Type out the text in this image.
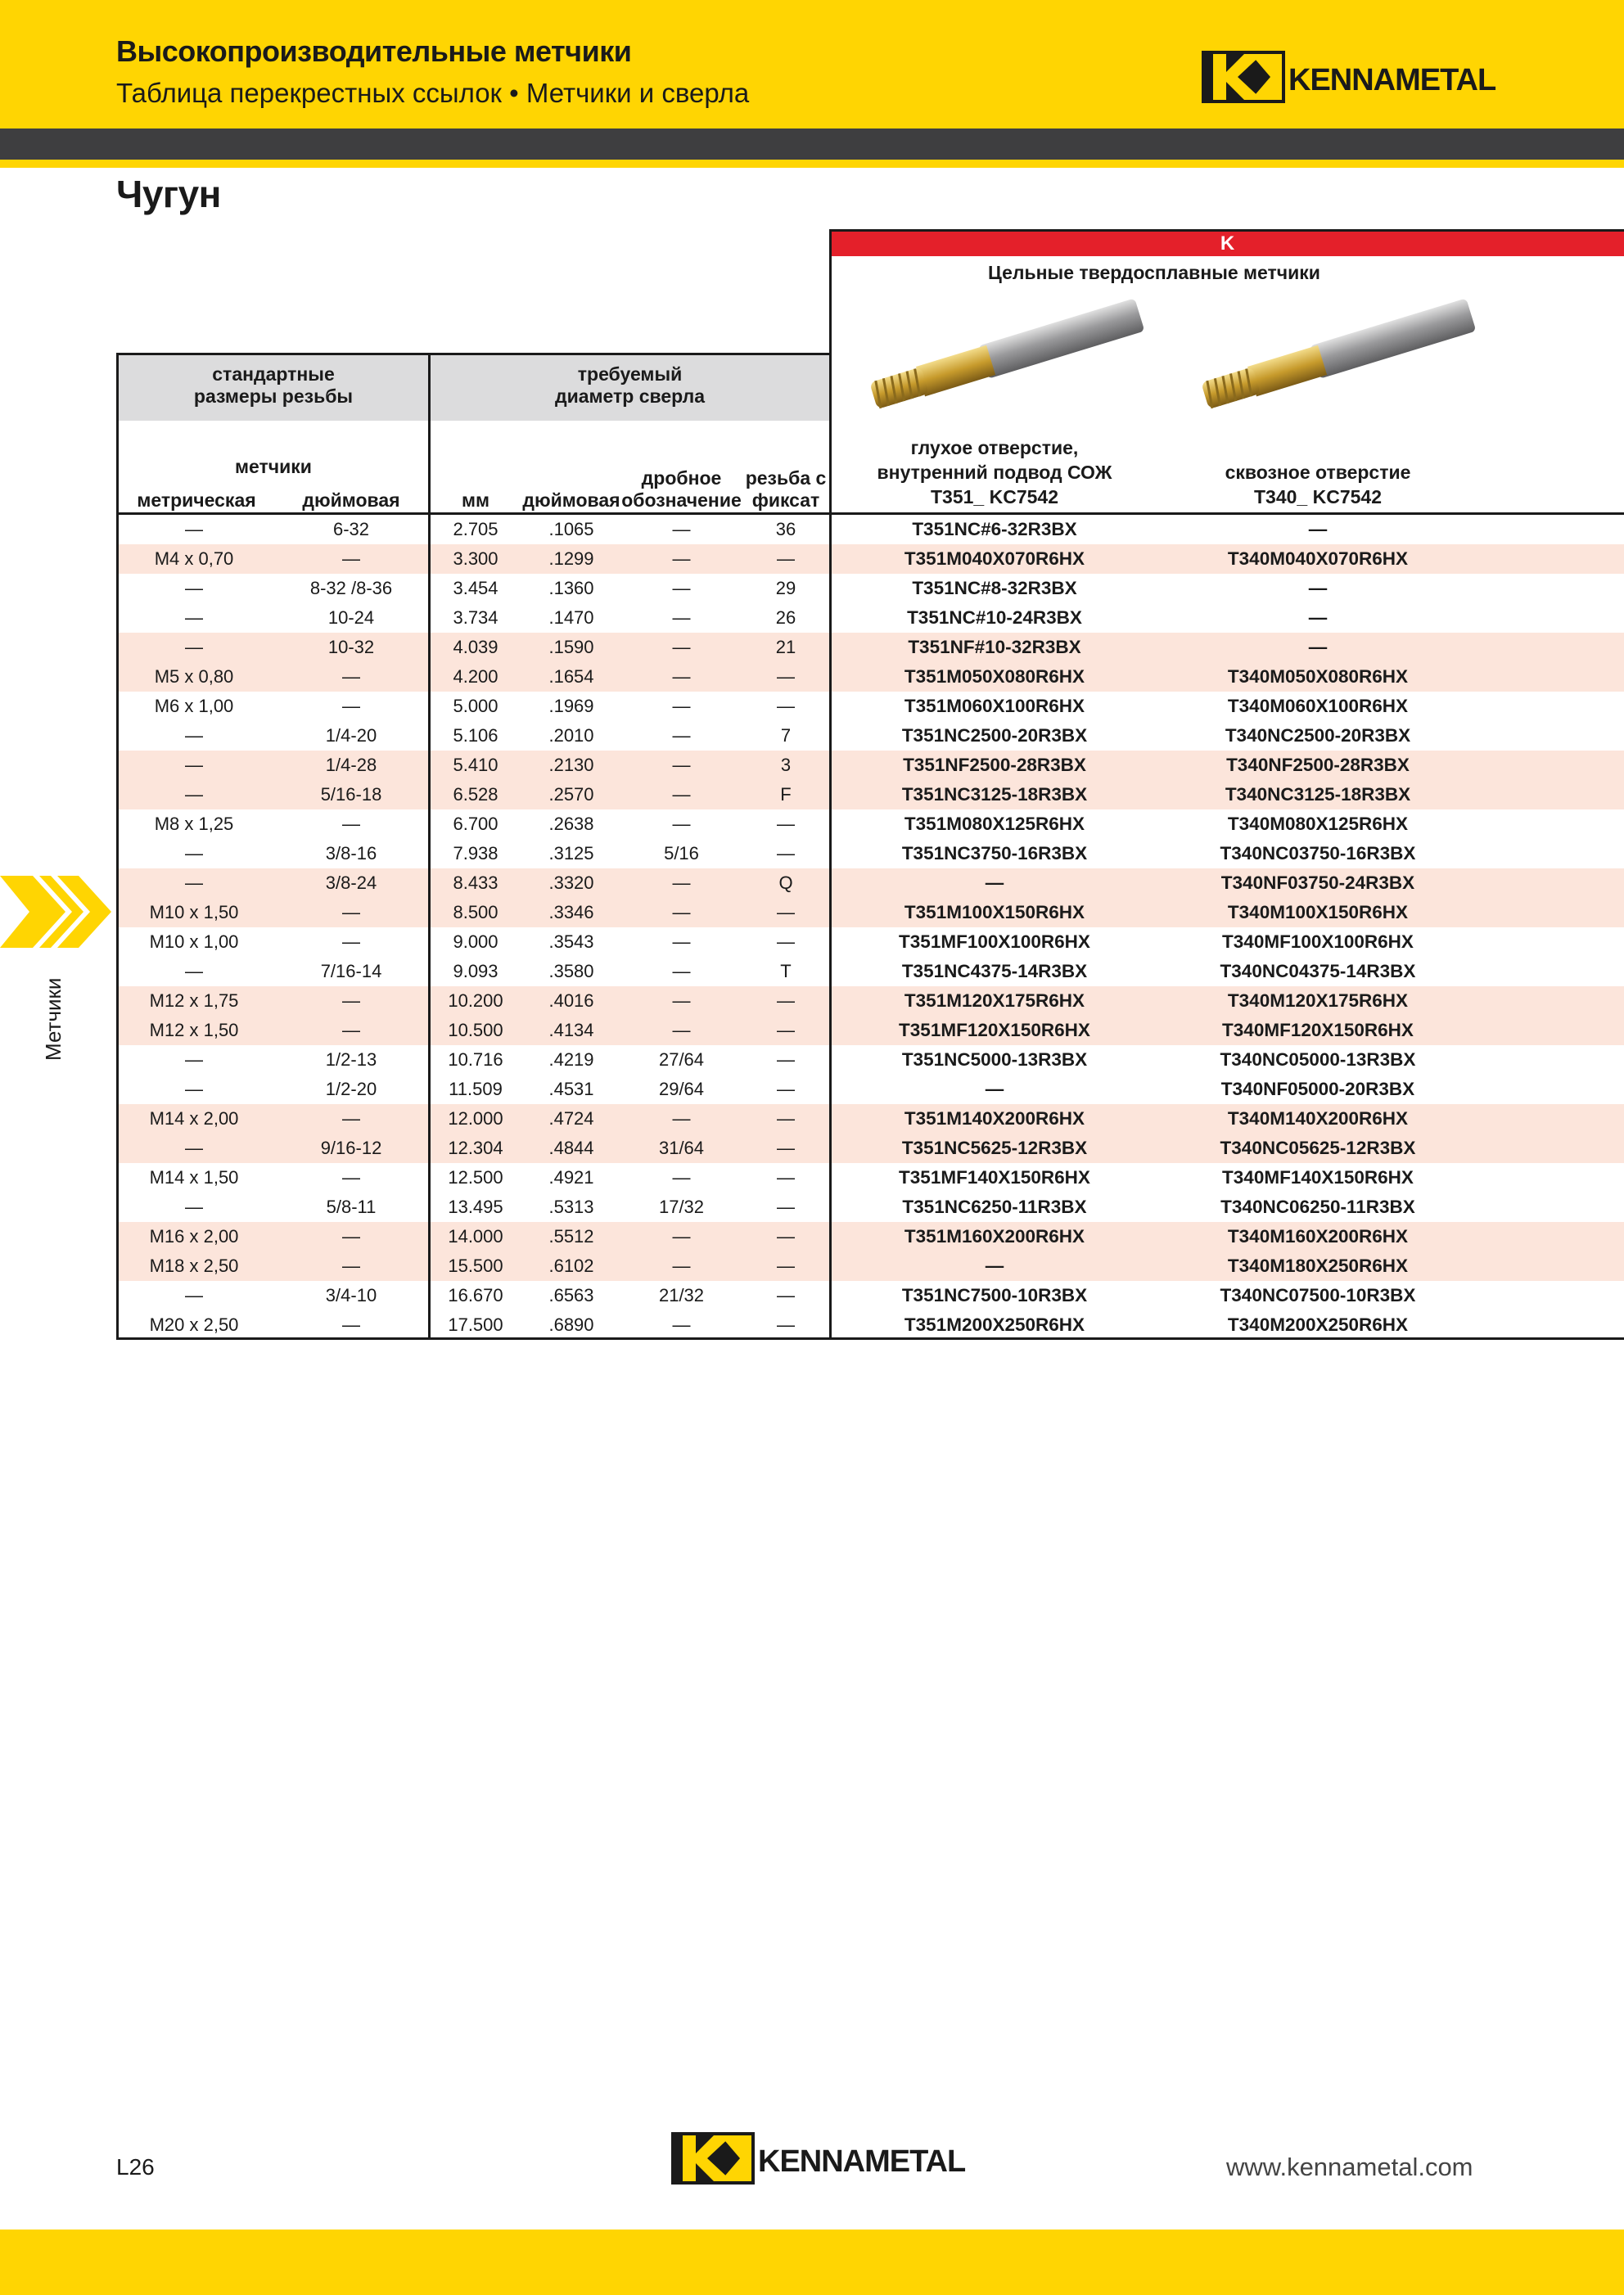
Высокопроизводительные метчики
Таблица перекрестных ссылок • Метчики и сверла	KENNAMETAL
Чугун
K
Цельные твердосплавные метчики
стандартные
размеры резьбы
требуемый
диаметр сверла
метчики
метрическая	дюймовая	мм	дюймовая
дробное
обозначение
резьба с
фиксат
глухое отверстие,
внутренний подвод СОЖ
T351_ KC7542
сквозное отверстие
T340_ KC7542
—	6-32	2.705	.1065	—	36	T351NC#6-32R3BX	—
M4 x 0,70	—	3.300	.1299	—	—	T351M040X070R6HX	T340M040X070R6HX
—	8-32 /8-36	3.454	.1360	—	29	T351NC#8-32R3BX	—
—	10-24	3.734	.1470	—	26	T351NC#10-24R3BX	—
—	10-32	4.039	.1590	—	21	T351NF#10-32R3BX	—
M5 x 0,80	—	4.200	.1654	—	—	T351M050X080R6HX	T340M050X080R6HX
M6 x 1,00	—	5.000	.1969	—	—	T351M060X100R6HX	T340M060X100R6HX
—	1/4-20	5.106	.2010	—	7	T351NC2500-20R3BX	T340NC2500-20R3BX
—	1/4-28	5.410	.2130	—	3	T351NF2500-28R3BX	T340NF2500-28R3BX
—	5/16-18	6.528	.2570	—	F	T351NC3125-18R3BX	T340NC3125-18R3BX
M8 x 1,25	—	6.700	.2638	—	—	T351M080X125R6HX	T340M080X125R6HX
—	3/8-16	7.938	.3125	5/16	—	T351NC3750-16R3BX	T340NC03750-16R3BX
—	3/8-24	8.433	.3320	—	Q	—	T340NF03750-24R3BX
M10 x 1,50	—	8.500	.3346	—	—	T351M100X150R6HX	T340M100X150R6HX
M10 x 1,00	—	9.000	.3543	—	—	T351MF100X100R6HX	T340MF100X100R6HX
—	7/16-14	9.093	.3580	—	T	T351NC4375-14R3BX	T340NC04375-14R3BX
M12 x 1,75	—	10.200	.4016	—	—	T351M120X175R6HX	T340M120X175R6HX
M12 x 1,50	—	10.500	.4134	—	—	T351MF120X150R6HX	T340MF120X150R6HX
—	1/2-13	10.716	.4219	27/64	—	T351NC5000-13R3BX	T340NC05000-13R3BX
—	1/2-20	11.509	.4531	29/64	—	—	T340NF05000-20R3BX
M14 x 2,00	—	12.000	.4724	—	—	T351M140X200R6HX	T340M140X200R6HX
—	9/16-12	12.304	.4844	31/64	—	T351NC5625-12R3BX	T340NC05625-12R3BX
M14 x 1,50	—	12.500	.4921	—	—	T351MF140X150R6HX	T340MF140X150R6HX
—	5/8-11	13.495	.5313	17/32	—	T351NC6250-11R3BX	T340NC06250-11R3BX
M16 x 2,00	—	14.000	.5512	—	—	T351M160X200R6HX	T340M160X200R6HX
M18 x 2,50	—	15.500	.6102	—	—	—	T340M180X250R6HX
—	3/4-10	16.670	.6563	21/32	—	T351NC7500-10R3BX	T340NC07500-10R3BX
M20 x 2,50	—	17.500	.6890	—	—	T351M200X250R6HX	T340M200X250R6HX
Метчики
L26	KENNAMETAL	www.kennametal.com
